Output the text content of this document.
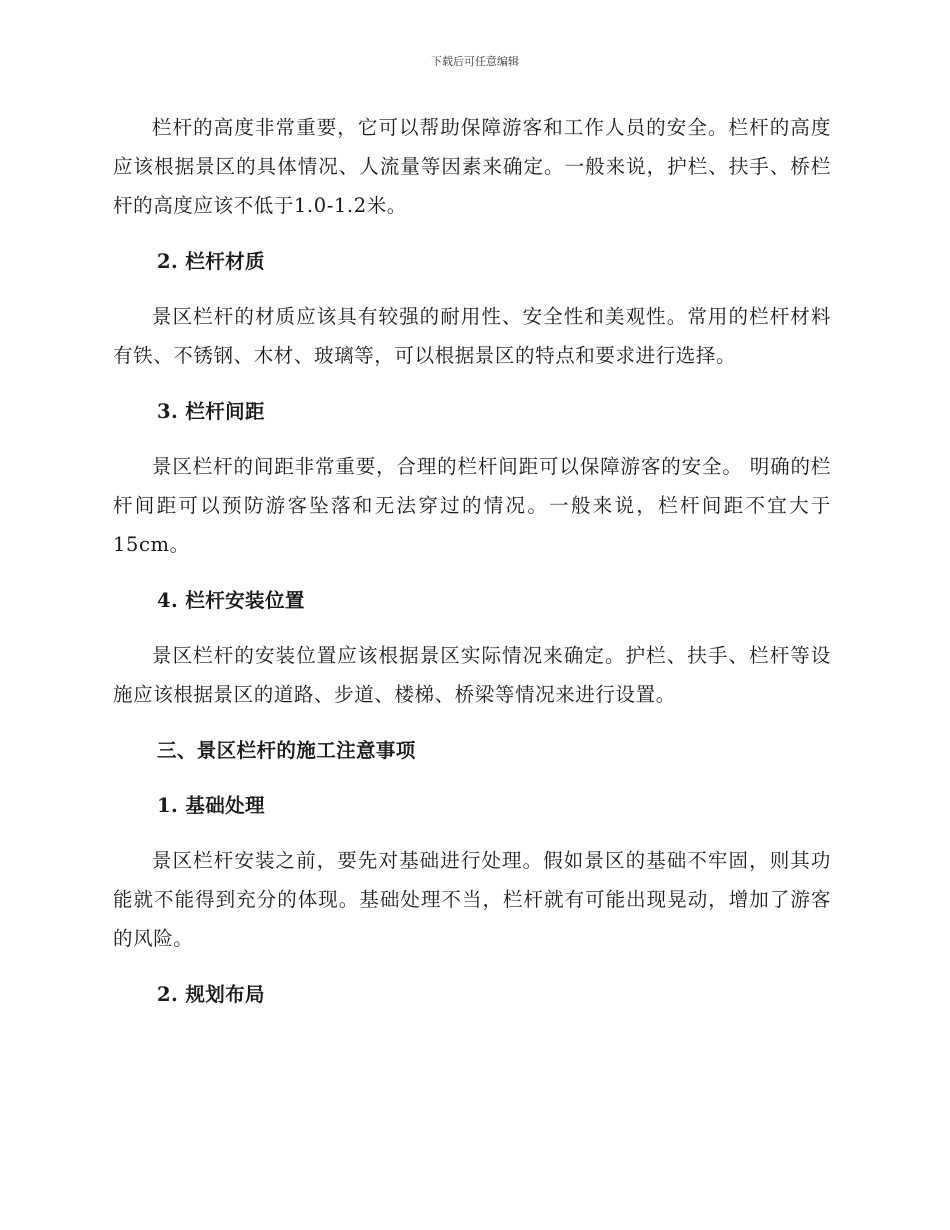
下载后可任意编辑

栏杆的高度非常重要，它可以帮助保障游客和工作人员的安全。栏杆的高度应该根据景区的具体情况、人流量等因素来确定。一般来说，护栏、扶手、桥栏杆的高度应该不低于1.0-1.2米。

2. 栏杆材质

景区栏杆的材质应该具有较强的耐用性、安全性和美观性。常用的栏杆材料有铁、不锈钢、木材、玻璃等，可以根据景区的特点和要求进行选择。

3. 栏杆间距

景区栏杆的间距非常重要，合理的栏杆间距可以保障游客的安全。 明确的栏杆间距可以预防游客坠落和无法穿过的情况。一般来说，栏杆间距不宜大于15cm。

4. 栏杆安装位置

景区栏杆的安装位置应该根据景区实际情况来确定。护栏、扶手、栏杆等设施应该根据景区的道路、步道、楼梯、桥梁等情况来进行设置。

三、景区栏杆的施工注意事项
1. 基础处理

景区栏杆安装之前，要先对基础进行处理。假如景区的基础不牢固，则其功能就不能得到充分的体现。基础处理不当，栏杆就有可能出现晃动，增加了游客的风险。

2. 规划布局
